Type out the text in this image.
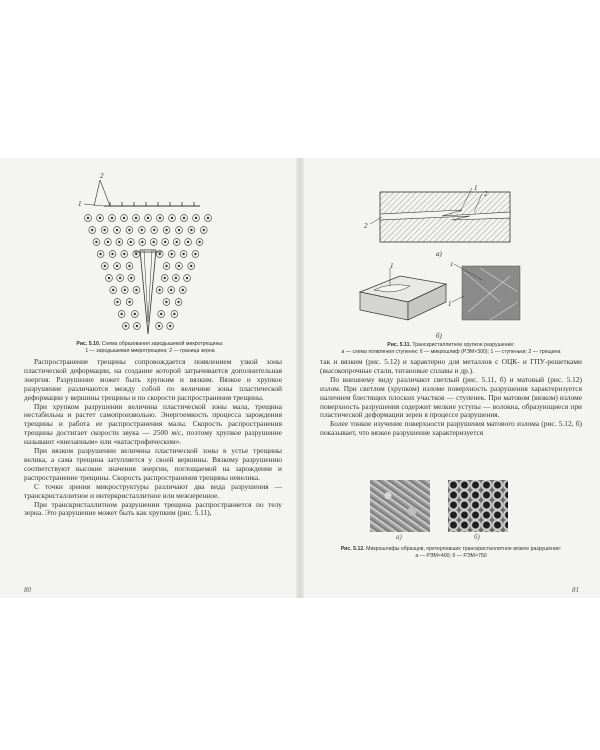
2
1
Рис. 5.10. Схема образования зародышевой микротрещины:
1 — зародышевая микротрещина; 2 — граница зерна

Распространение трещины сопровождается появлением узкой зоны пластической деформации, на создание которой затрачивается дополнительная энергия. Разрушение может быть хрупким и вязким. Вязкое и хрупкое разрушение различаются между собой по величине зоны пластической деформации у вершины трещины и по скорости распространения трещины.

При хрупком разрушении величина пластической зоны мала, трещина нестабильна и растет самопроизвольно. Энергоемкость процесса зарождения трещины и работа ее распространения малы. Скорость распространения трещины достигает скорости звука — 2500 м/с, поэтому хрупкое разрушение называют «внезапным» или «катастрофическим».

При вязком разрушении величина пластической зоны в устье трещины велика, а сама трещина затупляется у своей вершины. Вязкому разрушению соответствуют высокие значения энергии, поглощаемой на зарождение и распространение трещины. Скорость распространения трещины невелика.

С точки зрения микроструктуры различают два вида разрушения — транскристаллитное и интеркристаллитное или межзеренное.

При транскристаллитном разрушении трещина распространяется по телу зерна. Это разрушение может быть как хрупким (рис. 5.11),

80
1
2
2
а)
1	1
1
б)
Рис. 5.11. Транскристаллитное хрупкое разрушение:
а — схема появления ступенек; б — микрошлиф (РЭМ×300); 1 — ступеньки; 2 — трещина

так и вязким (рис. 5.12) и характерно для металлов с ОЦК- и ГПУ-решетками (высокопрочные стали, титановые сплавы и др.).

По внешнему виду различают светлый (рис. 5.11, б) и матовый (рис. 5.12) излом. При светлом (хрупком) изломе поверхность разрушения характеризуется наличием блестящих плоских участков — ступенек. При матовом (вязком) изломе поверхность разрушения содержит мелкие уступы — волокна, образующиеся при пластической деформации зерен в процессе разрушения.

Более тонкое изучение поверхности разрушения матового излома (рис. 5.12, б) показывает, что вязкое разрушение характеризуется

а)	б)
Рис. 5.12. Микрошлифы образцов, претерпевших транскристаллитное вязкое разрушение:
а — РЭМ×400; б — РЭМ×750
81
